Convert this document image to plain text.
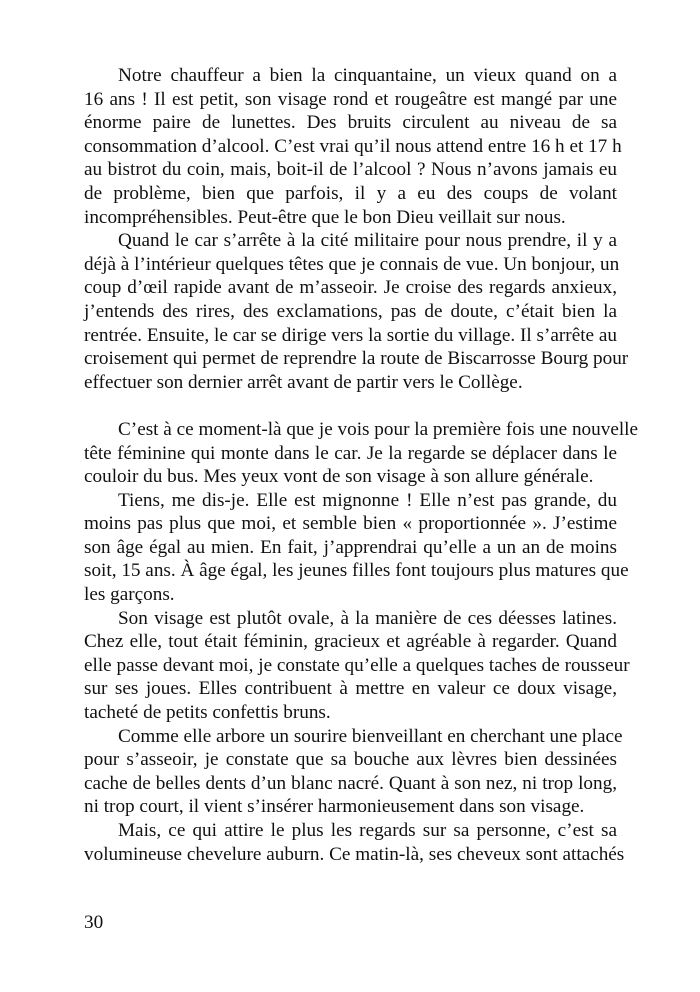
Notre chauffeur a bien la cinquantaine, un vieux quand on a
16 ans ! Il est petit, son visage rond et rougeâtre est mangé par une
énorme paire de lunettes. Des bruits circulent au niveau de sa
consommation d’alcool. C’est vrai qu’il nous attend entre 16 h et 17 h
au bistrot du coin, mais, boit-il de l’alcool ? Nous n’avons jamais eu
de problème, bien que parfois, il y a eu des coups de volant
incompréhensibles. Peut-être que le bon Dieu veillait sur nous.
Quand le car s’arrête à la cité militaire pour nous prendre, il y a
déjà à l’intérieur quelques têtes que je connais de vue. Un bonjour, un
coup d’œil rapide avant de m’asseoir. Je croise des regards anxieux,
j’entends des rires, des exclamations, pas de doute, c’était bien la
rentrée. Ensuite, le car se dirige vers la sortie du village. Il s’arrête au
croisement qui permet de reprendre la route de Biscarrosse Bourg pour
effectuer son dernier arrêt avant de partir vers le Collège.
C’est à ce moment-là que je vois pour la première fois une nouvelle
tête féminine qui monte dans le car. Je la regarde se déplacer dans le
couloir du bus. Mes yeux vont de son visage à son allure générale.
Tiens, me dis-je. Elle est mignonne ! Elle n’est pas grande, du
moins pas plus que moi, et semble bien « proportionnée ». J’estime
son âge égal au mien. En fait, j’apprendrai qu’elle a un an de moins
soit, 15 ans. À âge égal, les jeunes filles font toujours plus matures que
les garçons.
Son visage est plutôt ovale, à la manière de ces déesses latines.
Chez elle, tout était féminin, gracieux et agréable à regarder. Quand
elle passe devant moi, je constate qu’elle a quelques taches de rousseur
sur ses joues. Elles contribuent à mettre en valeur ce doux visage,
tacheté de petits confettis bruns.
Comme elle arbore un sourire bienveillant en cherchant une place
pour s’asseoir, je constate que sa bouche aux lèvres bien dessinées
cache de belles dents d’un blanc nacré. Quant à son nez, ni trop long,
ni trop court, il vient s’insérer harmonieusement dans son visage.
Mais, ce qui attire le plus les regards sur sa personne, c’est sa
volumineuse chevelure auburn. Ce matin-là, ses cheveux sont attachés
30
